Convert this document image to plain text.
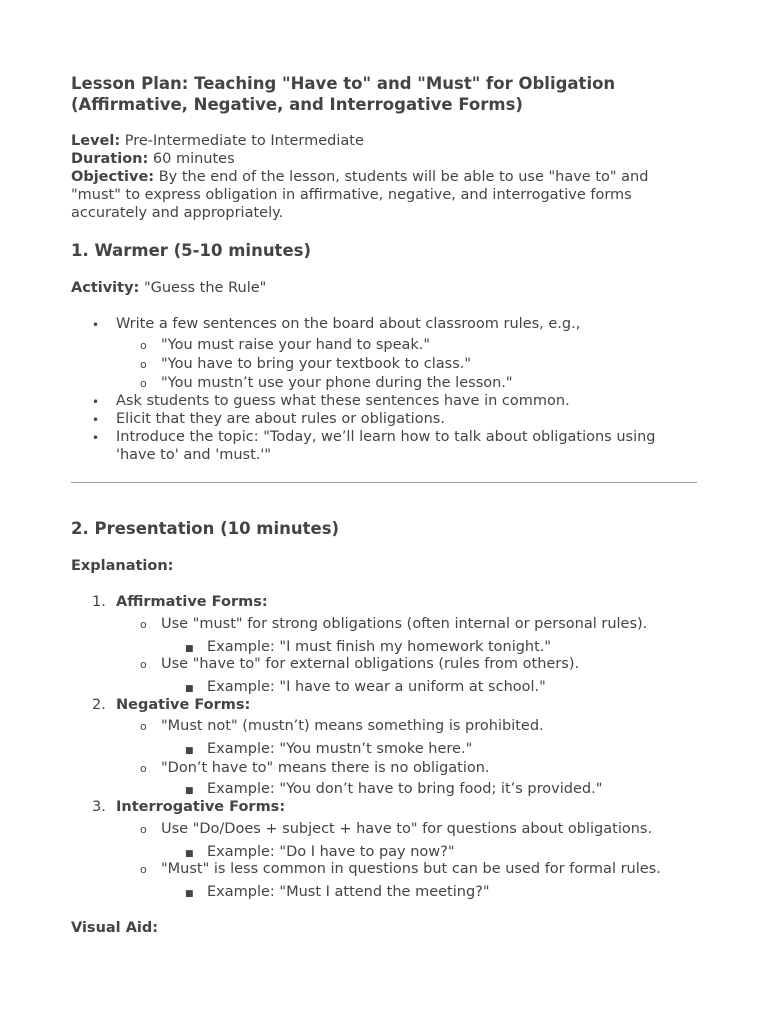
Lesson Plan: Teaching "Have to" and "Must" for Obligation
(Affirmative, Negative, and Interrogative Forms)
Level: Pre-Intermediate to Intermediate
Duration: 60 minutes
Objective: By the end of the lesson, students will be able to use "have to" and
"must" to express obligation in affirmative, negative, and interrogative forms
accurately and appropriately.
1. Warmer (5-10 minutes)
Activity: "Guess the Rule"
• Write a few sentences on the board about classroom rules, e.g.,
o "You must raise your hand to speak."
o "You have to bring your textbook to class."
o "You mustn’t use your phone during the lesson."
• Ask students to guess what these sentences have in common.
• Elicit that they are about rules or obligations.
• Introduce the topic: "Today, we’ll learn how to talk about obligations using
'have to' and 'must.'"
2. Presentation (10 minutes)
Explanation:
1. Affirmative Forms:
o Use "must" for strong obligations (often internal or personal rules).
■ Example: "I must finish my homework tonight."
o Use "have to" for external obligations (rules from others).
■ Example: "I have to wear a uniform at school."
2. Negative Forms:
o "Must not" (mustn’t) means something is prohibited.
■ Example: "You mustn’t smoke here."
o "Don’t have to" means there is no obligation.
■ Example: "You don’t have to bring food; it’s provided."
3. Interrogative Forms:
o Use "Do/Does + subject + have to" for questions about obligations.
■ Example: "Do I have to pay now?"
o "Must" is less common in questions but can be used for formal rules.
■ Example: "Must I attend the meeting?"
Visual Aid:
